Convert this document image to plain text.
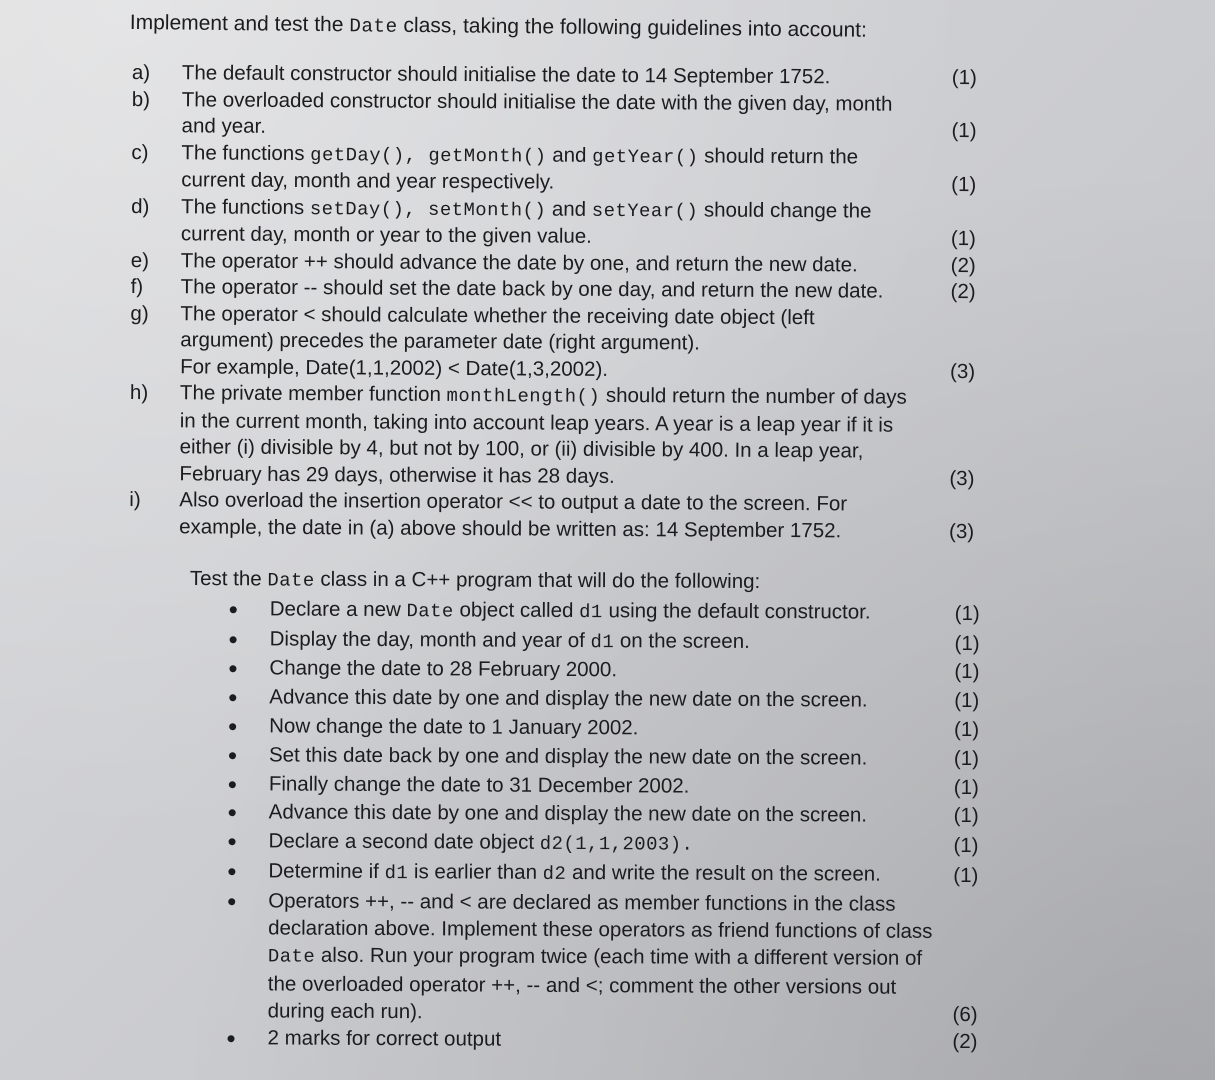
Implement and test the Date class, taking the following guidelines into account:
a)	The default constructor should initialise the date to 14 September 1752.	(1)
b)	The overloaded constructor should initialise the date with the given day, month
and year.	(1)
c)	The functions getDay(), getMonth() and getYear() should return the
current day, month and year respectively.	(1)
d)	The functions setDay(), setMonth() and setYear() should change the
current day, month or year to the given value.	(1)
e)	The operator ++ should advance the date by one, and return the new date.	(2)
f)	The operator -- should set the date back by one day, and return the new date.	(2)
g)	The operator < should calculate whether the receiving date object (left
argument) precedes the parameter date (right argument).
For example, Date(1,1,2002) < Date(1,3,2002).	(3)
h)	The private member function monthLength() should return the number of days
in the current month, taking into account leap years. A year is a leap year if it is
either (i) divisible by 4, but not by 100, or (ii) divisible by 400. In a leap year,
February has 29 days, otherwise it has 28 days.	(3)
i)	Also overload the insertion operator << to output a date to the screen. For
example, the date in (a) above should be written as: 14 September 1752.	(3)

Test the Date class in a C++ program that will do the following:

Declare a new Date object called d1 using the default constructor.	(1)
Display the day, month and year of d1 on the screen.	(1)
Change the date to 28 February 2000.	(1)
Advance this date by one and display the new date on the screen.	(1)
Now change the date to 1 January 2002.	(1)
Set this date back by one and display the new date on the screen.	(1)
Finally change the date to 31 December 2002.	(1)
Advance this date by one and display the new date on the screen.	(1)
Declare a second date object d2(1,1,2003).	(1)
Determine if d1 is earlier than d2 and write the result on the screen.	(1)
Operators ++, -- and < are declared as member functions in the class declaration above. Implement these operators as friend functions of class Date also. Run your program twice (each time with a different version of the overloaded operator ++, -- and <; comment the other versions out during each run).	(6)
2 marks for correct output	(2)
